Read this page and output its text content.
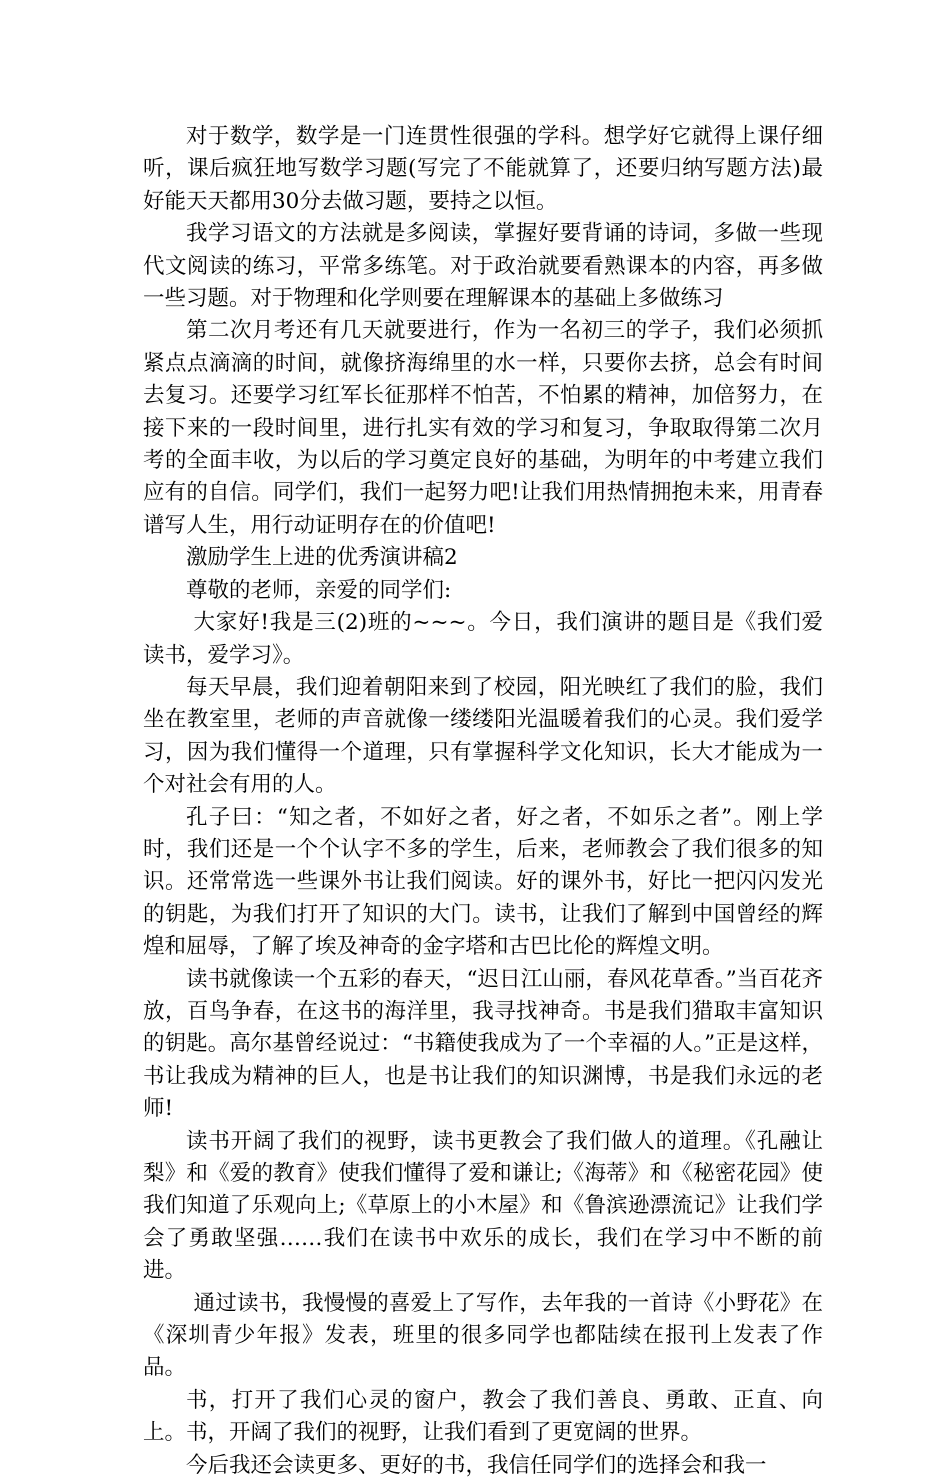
对于数学，数学是一门连贯性很强的学科。想学好它就得上课仔细听，课后疯狂地写数学习题(写完了不能就算了，还要归纳写题方法)最好能天天都用30分去做习题，要持之以恒。

我学习语文的方法就是多阅读，掌握好要背诵的诗词，多做一些现代文阅读的练习，平常多练笔。对于政治就要看熟课本的内容，再多做一些习题。对于物理和化学则要在理解课本的基础上多做练习

第二次月考还有几天就要进行，作为一名初三的学子，我们必须抓紧点点滴滴的时间，就像挤海绵里的水一样，只要你去挤，总会有时间去复习。还要学习红军长征那样不怕苦，不怕累的精神，加倍努力，在接下来的一段时间里，进行扎实有效的学习和复习，争取取得第二次月考的全面丰收，为以后的学习奠定良好的基础，为明年的中考建立我们应有的自信。同学们，我们一起努力吧!让我们用热情拥抱未来，用青春谱写人生，用行动证明存在的价值吧!

激励学生上进的优秀演讲稿2

尊敬的老师，亲爱的同学们:

大家好!我是三(2)班的~~~。今日，我们演讲的题目是《我们爱读书，爱学习》。

每天早晨，我们迎着朝阳来到了校园，阳光映红了我们的脸，我们坐在教室里，老师的声音就像一缕缕阳光温暖着我们的心灵。我们爱学习，因为我们懂得一个道理，只有掌握科学文化知识，长大才能成为一个对社会有用的人。

孔子曰：“知之者，不如好之者，好之者，不如乐之者”。刚上学时，我们还是一个个认字不多的学生，后来，老师教会了我们很多的知识。还常常选一些课外书让我们阅读。好的课外书，好比一把闪闪发光的钥匙，为我们打开了知识的大门。读书，让我们了解到中国曾经的辉煌和屈辱，了解了埃及神奇的金字塔和古巴比伦的辉煌文明。

读书就像读一个五彩的春天，“迟日江山丽，春风花草香。”当百花齐放，百鸟争春，在这书的海洋里，我寻找神奇。书是我们猎取丰富知识的钥匙。高尔基曾经说过：“书籍使我成为了一个幸福的人。”正是这样，书让我成为精神的巨人，也是书让我们的知识渊博，书是我们永远的老师!

读书开阔了我们的视野，读书更教会了我们做人的道理。《孔融让梨》和《爱的教育》使我们懂得了爱和谦让;《海蒂》和《秘密花园》使我们知道了乐观向上;《草原上的小木屋》和《鲁滨逊漂流记》让我们学会了勇敢坚强……我们在读书中欢乐的成长，我们在学习中不断的前进。

通过读书，我慢慢的喜爱上了写作，去年我的一首诗《小野花》在《深圳青少年报》发表，班里的很多同学也都陆续在报刊上发表了作品。

书，打开了我们心灵的窗户，教会了我们善良、勇敢、正直、向上。书，开阔了我们的视野，让我们看到了更宽阔的世界。

今后我还会读更多、更好的书，我信任同学们的选择会和我一
